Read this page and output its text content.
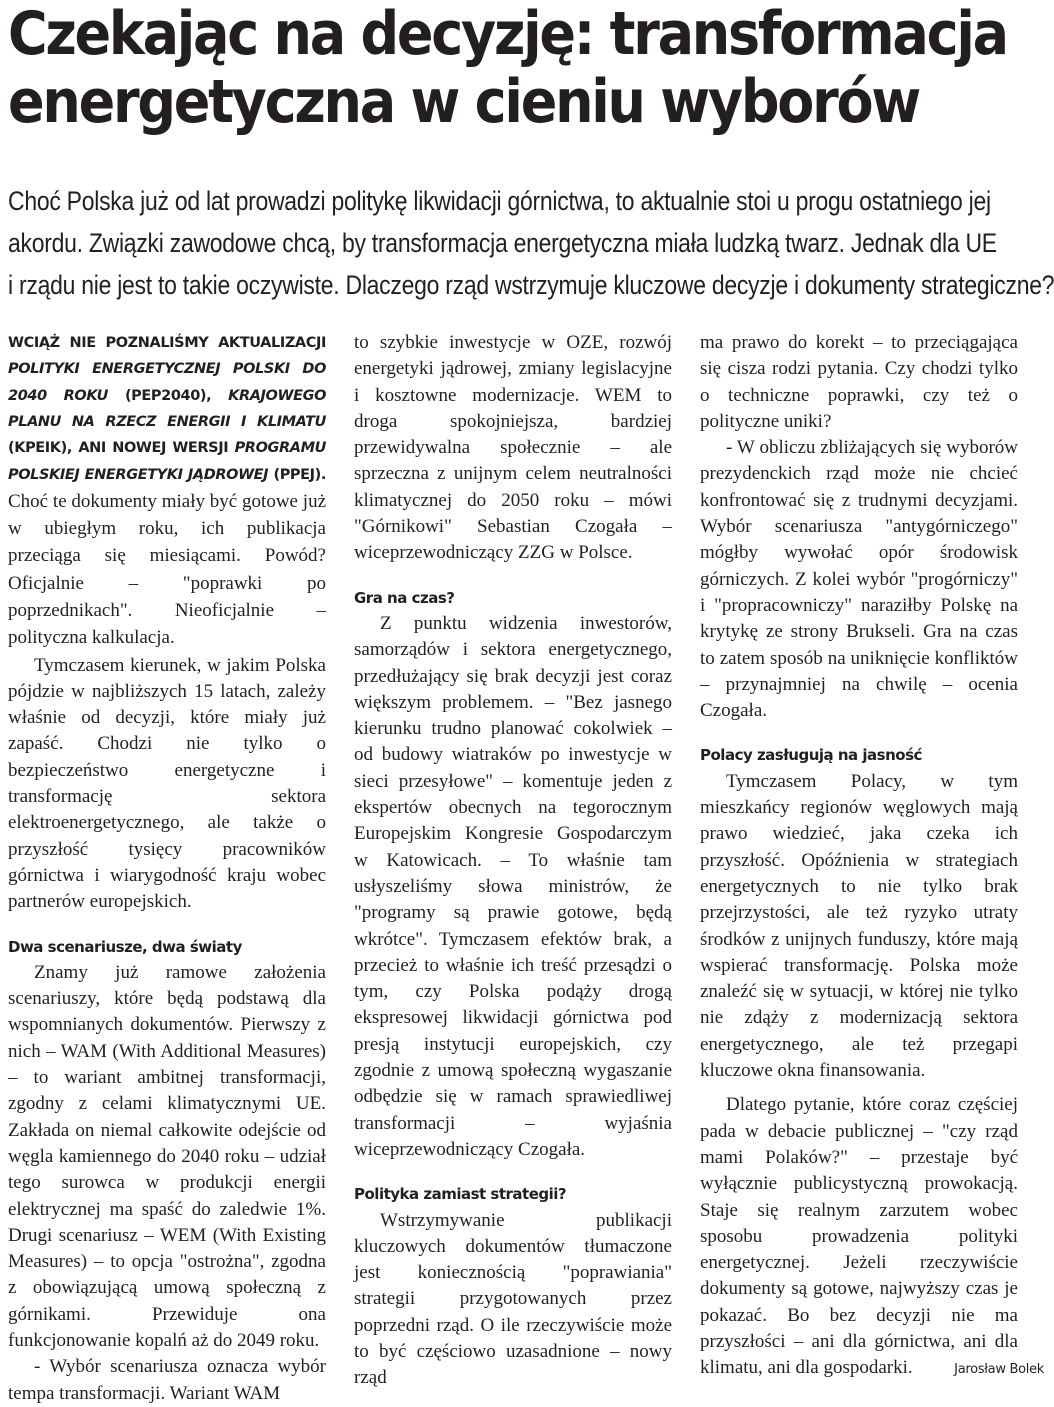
Czekając na decyzję: transformacja
energetyczna w cieniu wyborów
Choć Polska już od lat prowadzi politykę likwidacji górnictwa, to aktualnie stoi u progu ostatniego jej
akordu. Związki zawodowe chcą, by transformacja energetyczna miała ludzką twarz. Jednak dla UE
i rządu nie jest to takie oczywiste. Dlaczego rząd wstrzymuje kluczowe decyzje i dokumenty strategiczne?

WCIĄŻ NIE POZNALIŚMY AKTUALIZACJI POLITYKI ENERGETYCZNEJ POLSKI DO 2040 ROKU (PEP2040), KRAJOWEGO PLANU NA RZECZ ENERGII I KLIMATU (KPEIK), ANI NOWEJ WERSJI PROGRAMU POLSKIEJ ENERGETYKI JĄDROWEJ (PPEJ). Choć te dokumenty miały być gotowe już w ubiegłym roku, ich publikacja przeciąga się miesiącami. Powód? Oficjalnie – "poprawki po poprzednikach". Nieoficjalnie – polityczna kalkulacja.

Tymczasem kierunek, w jakim Polska pójdzie w najbliższych 15 latach, zależy właśnie od decyzji, które miały już zapaść. Chodzi nie tylko o bezpieczeństwo energetyczne i transformację sektora elektroenergetycznego, ale także o przyszłość tysięcy pracowników górnictwa i wiarygodność kraju wobec partnerów europejskich.

Dwa scenariusze, dwa światy

Znamy już ramowe założenia scenariuszy, które będą podstawą dla wspomnianych dokumentów. Pierwszy z nich – WAM (With Additional Measures) – to wariant ambitnej transformacji, zgodny z celami klimatycznymi UE. Zakłada on niemal całkowite odejście od węgla kamiennego do 2040 roku – udział tego surowca w produkcji energii elektrycznej ma spaść do zaledwie 1%. Drugi scenariusz – WEM (With Existing Measures) – to opcja "ostrożna", zgodna z obowiązującą umową społeczną z górnikami. Przewiduje ona funkcjonowanie kopalń aż do 2049 roku.

- Wybór scenariusza oznacza wybór tempa transformacji. Wariant WAM

to szybkie inwestycje w OZE, rozwój energetyki jądrowej, zmiany legislacyjne i kosztowne modernizacje. WEM to droga spokojniejsza, bardziej przewidywalna społecznie – ale sprzeczna z unijnym celem neutralności klimatycznej do 2050 roku – mówi "Górnikowi" Sebastian Czogała – wiceprzewodniczący ZZG w Polsce.

Gra na czas?

Z punktu widzenia inwestorów, samorządów i sektora energetycznego, przedłużający się brak decyzji jest coraz większym problemem. – "Bez jasnego kierunku trudno planować cokolwiek – od budowy wiatraków po inwestycje w sieci przesyłowe" – komentuje jeden z ekspertów obecnych na tegorocznym Europejskim Kongresie Gospodarczym w Katowicach. – To właśnie tam usłyszeliśmy słowa ministrów, że "programy są prawie gotowe, będą wkrótce". Tymczasem efektów brak, a przecież to właśnie ich treść przesądzi o tym, czy Polska podąży drogą ekspresowej likwidacji górnictwa pod presją instytucji europejskich, czy zgodnie z umową społeczną wygaszanie odbędzie się w ramach sprawiedliwej transformacji – wyjaśnia wiceprzewodniczący Czogała.

Polityka zamiast strategii?

Wstrzymywanie publikacji kluczowych dokumentów tłumaczone jest koniecznością "poprawiania" strategii przygotowanych przez poprzedni rząd. O ile rzeczywiście może to być częściowo uzasadnione – nowy rząd

ma prawo do korekt – to przeciągająca się cisza rodzi pytania. Czy chodzi tylko o techniczne poprawki, czy też o polityczne uniki?

- W obliczu zbliżających się wyborów prezydenckich rząd może nie chcieć konfrontować się z trudnymi decyzjami. Wybór scenariusza "antygórniczego" mógłby wywołać opór środowisk górniczych. Z kolei wybór "progórniczy" i "propracowniczy" naraziłby Polskę na krytykę ze strony Brukseli. Gra na czas to zatem sposób na uniknięcie konfliktów – przynajmniej na chwilę – ocenia Czogała.

Polacy zasługują na jasność

Tymczasem Polacy, w tym mieszkańcy regionów węglowych mają prawo wiedzieć, jaka czeka ich przyszłość. Opóźnienia w strategiach energetycznych to nie tylko brak przejrzystości, ale też ryzyko utraty środków z unijnych funduszy, które mają wspierać transformację. Polska może znaleźć się w sytuacji, w której nie tylko nie zdąży z modernizacją sektora energetycznego, ale też przegapi kluczowe okna finansowania.

Dlatego pytanie, które coraz częściej pada w debacie publicznej – "czy rząd mami Polaków?" – przestaje być wyłącznie publicystyczną prowokacją. Staje się realnym zarzutem wobec sposobu prowadzenia polityki energetycznej. Jeżeli rzeczywiście dokumenty są gotowe, najwyższy czas je pokazać. Bo bez decyzji nie ma przyszłości – ani dla górnictwa, ani dla klimatu, ani dla gospodarki.	Jarosław Bolek
